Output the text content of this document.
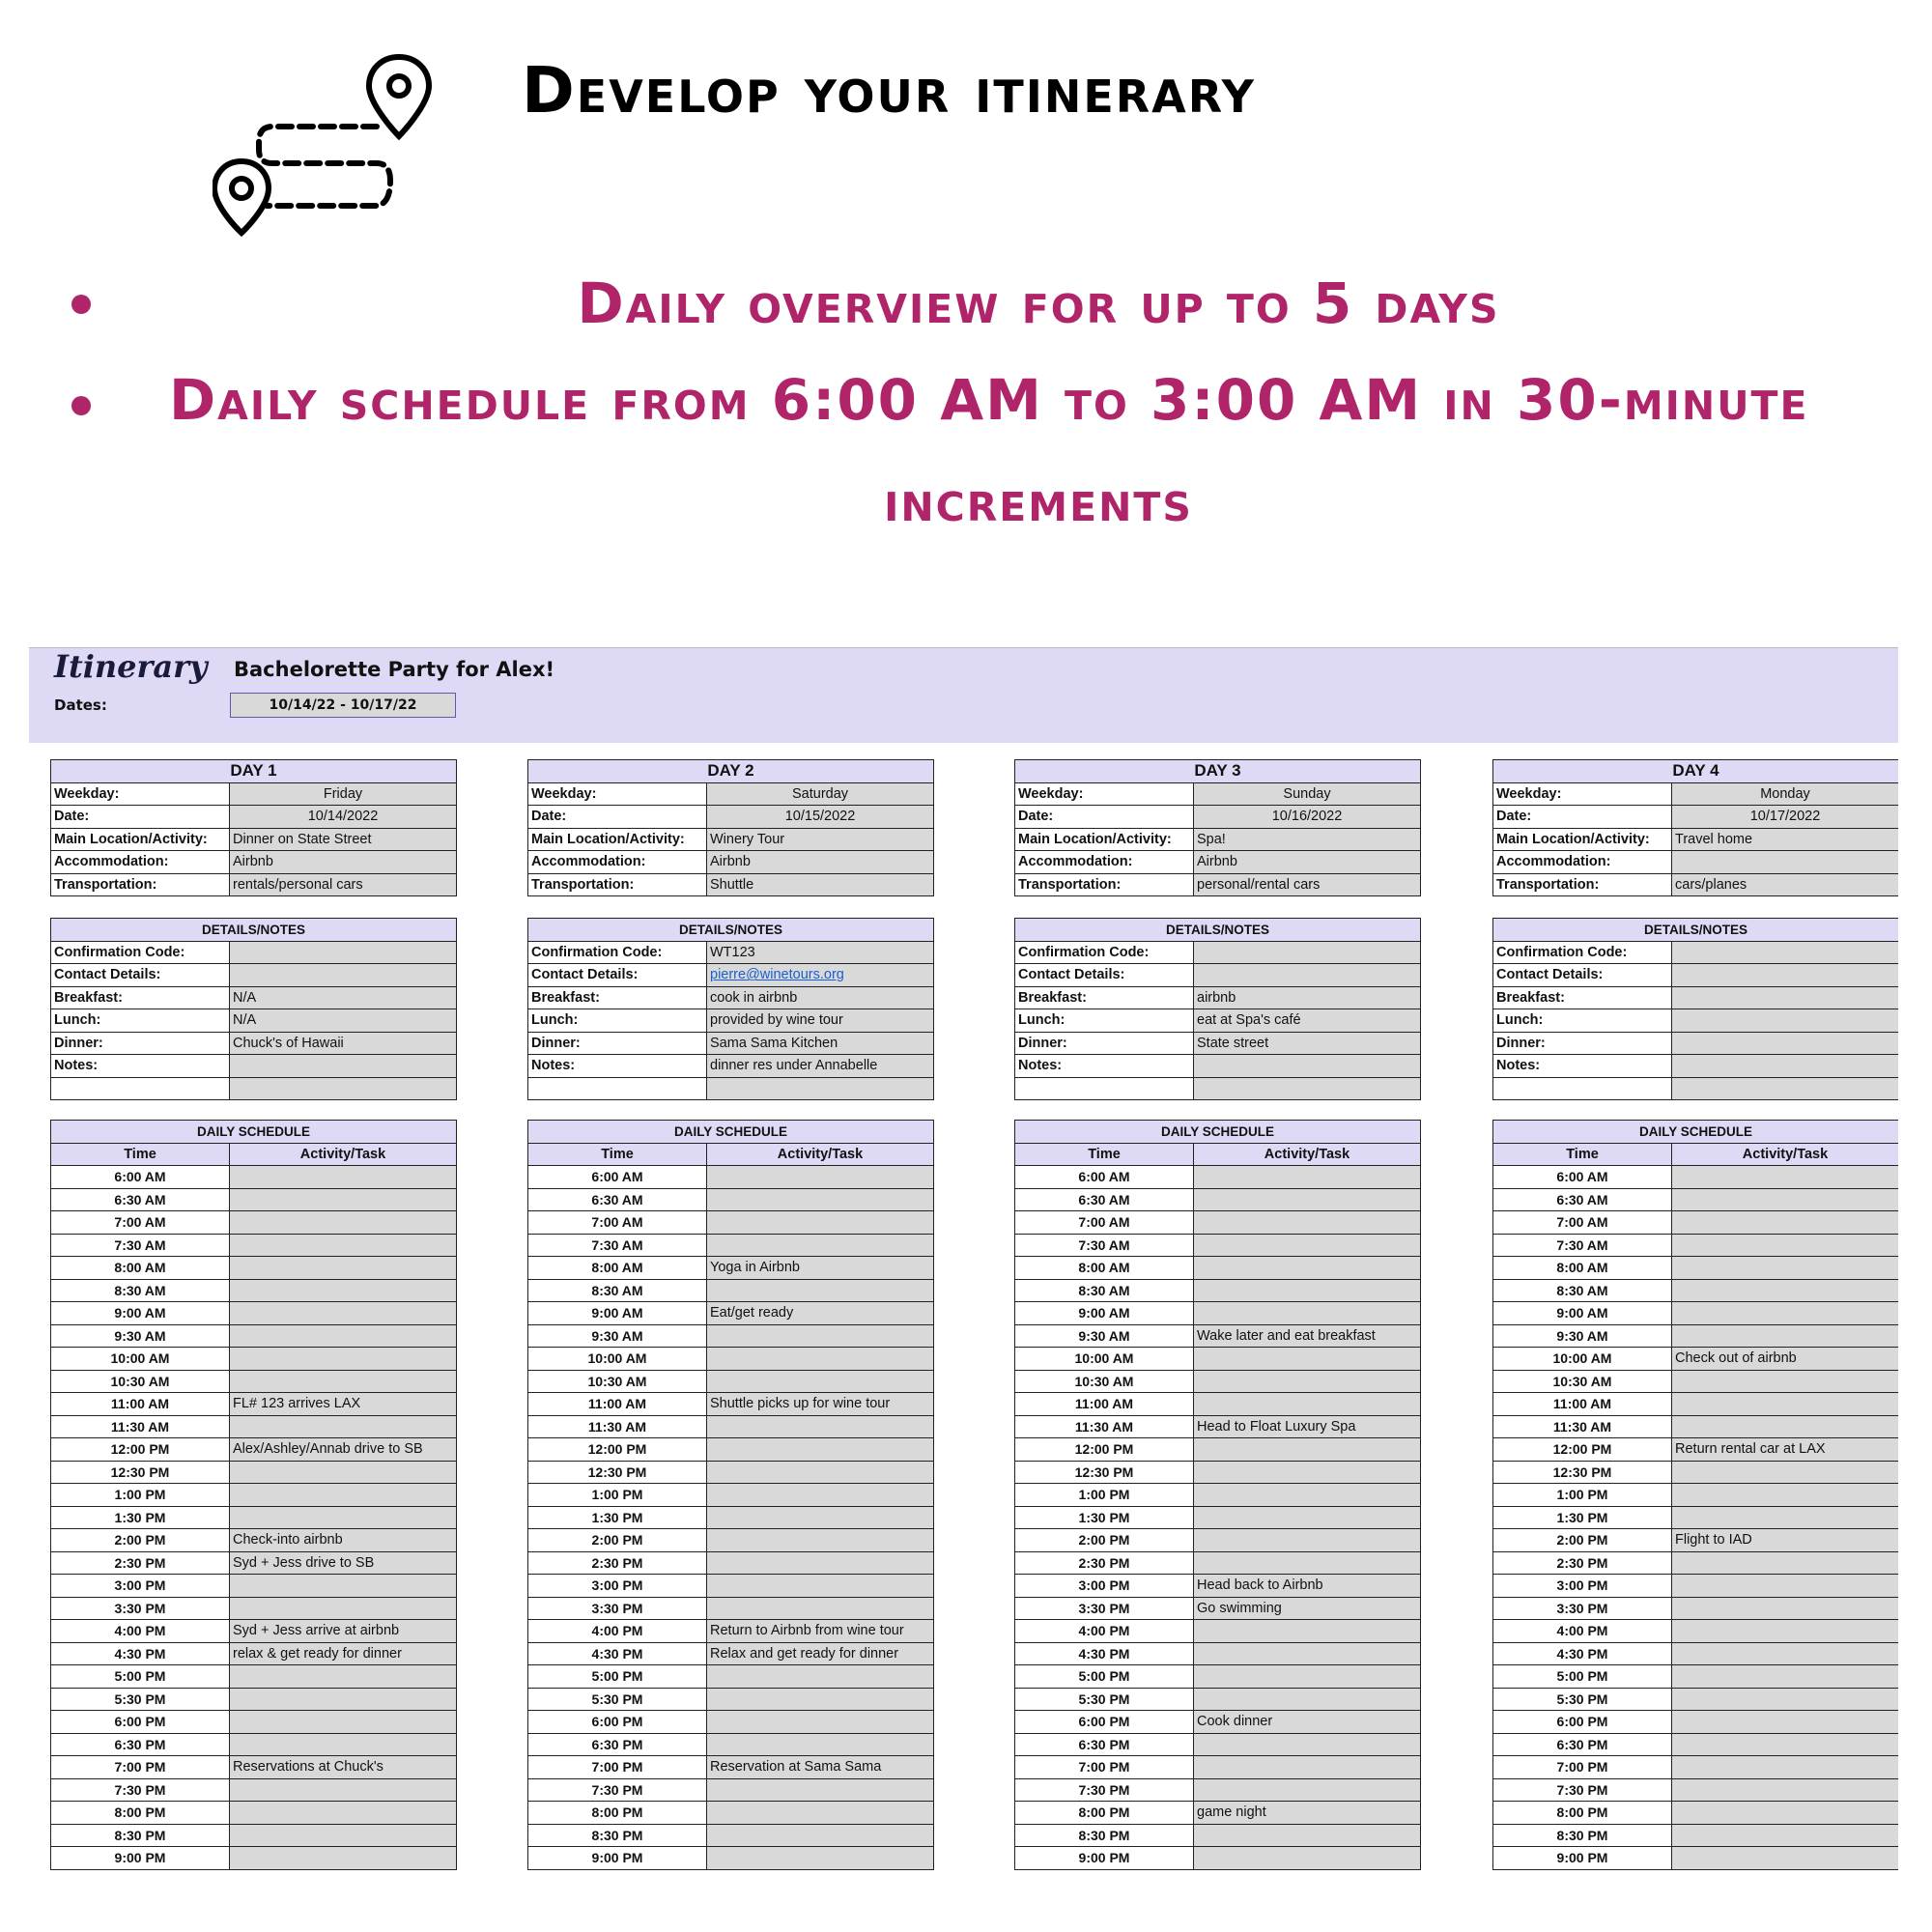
Develop your itinerary
Daily overview for up to 5 days
Daily schedule from 6:00 AM to 3:00 AM in 30-minute
increments
Itinerary Bachelorette Party for Alex!
Dates:	10/14/22 - 10/17/22
DAY 1	
Weekday:	Friday
Date:	10/14/2022
Main Location/Activity:	Dinner on State Street
Accommodation:	Airbnb
Transportation:	rentals/personal cars
DETAILS/NOTES	
Confirmation Code:	
Contact Details:	
Breakfast:	N/A
Lunch:	N/A
Dinner:	Chuck's of Hawaii
Notes:	

DAILY SCHEDULE	
Time	Activity/Task
6:00 AM	
6:30 AM	
7:00 AM	
7:30 AM	
8:00 AM	
8:30 AM	
9:00 AM	
9:30 AM	
10:00 AM	
10:30 AM	
11:00 AM	FL# 123 arrives LAX
11:30 AM	
12:00 PM	Alex/Ashley/Annab drive to SB
12:30 PM	
1:00 PM	
1:30 PM	
2:00 PM	Check-into airbnb
2:30 PM	Syd + Jess drive to SB
3:00 PM	
3:30 PM	
4:00 PM	Syd + Jess arrive at airbnb
4:30 PM	relax & get ready for dinner
5:00 PM	
5:30 PM	
6:00 PM	
6:30 PM	
7:00 PM	Reservations at Chuck's
7:30 PM	
8:00 PM	
8:30 PM	
9:00 PM	
DAY 2	
Weekday:	Saturday
Date:	10/15/2022
Main Location/Activity:	Winery Tour
Accommodation:	Airbnb
Transportation:	Shuttle
DETAILS/NOTES	
Confirmation Code:	WT123
Contact Details:	pierre@winetours.org
Breakfast:	cook in airbnb
Lunch:	provided by wine tour
Dinner:	Sama Sama Kitchen
Notes:	dinner res under Annabelle

DAILY SCHEDULE	
Time	Activity/Task
6:00 AM	
6:30 AM	
7:00 AM	
7:30 AM	
8:00 AM	Yoga in Airbnb
8:30 AM	
9:00 AM	Eat/get ready
9:30 AM	
10:00 AM	
10:30 AM	
11:00 AM	Shuttle picks up for wine tour
11:30 AM	
12:00 PM	
12:30 PM	
1:00 PM	
1:30 PM	
2:00 PM	
2:30 PM	
3:00 PM	
3:30 PM	
4:00 PM	Return to Airbnb from wine tour
4:30 PM	Relax and get ready for dinner
5:00 PM	
5:30 PM	
6:00 PM	
6:30 PM	
7:00 PM	Reservation at Sama Sama
7:30 PM	
8:00 PM	
8:30 PM	
9:00 PM	
DAY 3	
Weekday:	Sunday
Date:	10/16/2022
Main Location/Activity:	Spa!
Accommodation:	Airbnb
Transportation:	personal/rental cars
DETAILS/NOTES	
Confirmation Code:	
Contact Details:	
Breakfast:	airbnb
Lunch:	eat at Spa's café
Dinner:	State street
Notes:	

DAILY SCHEDULE	
Time	Activity/Task
6:00 AM	
6:30 AM	
7:00 AM	
7:30 AM	
8:00 AM	
8:30 AM	
9:00 AM	
9:30 AM	Wake later and eat breakfast
10:00 AM	
10:30 AM	
11:00 AM	
11:30 AM	Head to Float Luxury Spa
12:00 PM	
12:30 PM	
1:00 PM	
1:30 PM	
2:00 PM	
2:30 PM	
3:00 PM	Head back to Airbnb
3:30 PM	Go swimming
4:00 PM	
4:30 PM	
5:00 PM	
5:30 PM	
6:00 PM	Cook dinner
6:30 PM	
7:00 PM	
7:30 PM	
8:00 PM	game night
8:30 PM	
9:00 PM	
DAY 4	
Weekday:	Monday
Date:	10/17/2022
Main Location/Activity:	Travel home
Accommodation:	
Transportation:	cars/planes
DETAILS/NOTES	
Confirmation Code:	
Contact Details:	
Breakfast:	
Lunch:	
Dinner:	
Notes:	

DAILY SCHEDULE	
Time	Activity/Task
6:00 AM	
6:30 AM	
7:00 AM	
7:30 AM	
8:00 AM	
8:30 AM	
9:00 AM	
9:30 AM	
10:00 AM	Check out of airbnb
10:30 AM	
11:00 AM	
11:30 AM	
12:00 PM	Return rental car at LAX
12:30 PM	
1:00 PM	
1:30 PM	
2:00 PM	Flight to IAD
2:30 PM	
3:00 PM	
3:30 PM	
4:00 PM	
4:30 PM	
5:00 PM	
5:30 PM	
6:00 PM	
6:30 PM	
7:00 PM	
7:30 PM	
8:00 PM	
8:30 PM	
9:00 PM	
